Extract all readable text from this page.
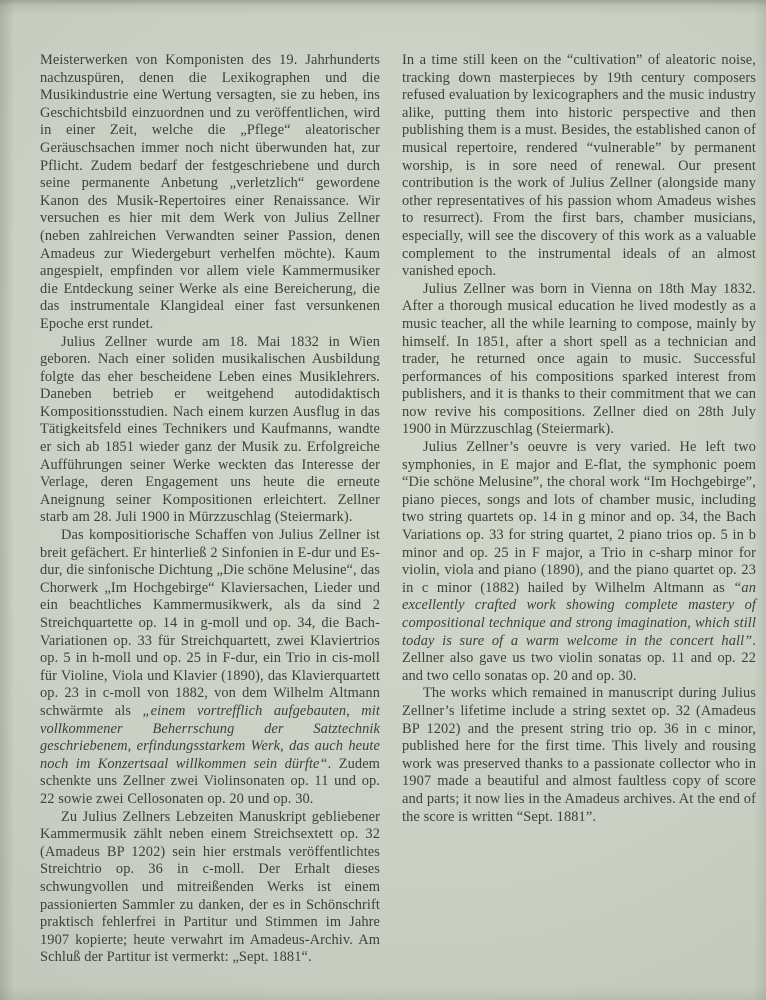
Meisterwerken von Komponisten des 19. Jahrhunderts nachzuspüren, denen die Lexikographen und die Musikindustrie eine Wertung versagten, sie zu heben, ins Geschichtsbild einzuordnen und zu veröffentlichen, wird in einer Zeit, welche die „Pflege“ aleatorischer Geräuschsachen immer noch nicht überwunden hat, zur Pflicht. Zudem bedarf der festgeschriebene und durch seine permanente Anbetung „verletzlich“ gewordene Kanon des Musik-Repertoires einer Renaissance. Wir versuchen es hier mit dem Werk von Julius Zellner (neben zahlreichen Verwandten seiner Passion, denen Amadeus zur Wiedergeburt verhelfen möchte). Kaum angespielt, empfinden vor allem viele Kammermusiker die Entdeckung seiner Werke als eine Bereicherung, die das instrumentale Klangideal einer fast versunkenen Epoche erst rundet.

Julius Zellner wurde am 18. Mai 1832 in Wien geboren. Nach einer soliden musikalischen Ausbildung folgte das eher bescheidene Leben eines Musiklehrers. Daneben betrieb er weitgehend autodidaktisch Kompositionsstudien. Nach einem kurzen Ausflug in das Tätigkeitsfeld eines Technikers und Kaufmanns, wandte er sich ab 1851 wieder ganz der Musik zu. Erfolgreiche Aufführungen seiner Werke weckten das Interesse der Verlage, deren Engagement uns heute die erneute Aneignung seiner Kompositionen erleichtert. Zellner starb am 28. Juli 1900 in Mürzzuschlag (Steiermark).

Das kompositiorische Schaffen von Julius Zellner ist breit gefächert. Er hinterließ 2 Sinfonien in E-dur und Es-dur, die sinfonische Dichtung „Die schöne Melusine“, das Chorwerk „Im Hochgebirge“ Klaviersachen, Lieder und ein beachtliches Kammermusikwerk, als da sind 2 Streichquartette op. 14 in g-moll und op. 34, die Bach-Variationen op. 33 für Streichquartett, zwei Klaviertrios op. 5 in h-moll und op. 25 in F-dur, ein Trio in cis-moll für Violine, Viola und Klavier (1890), das Klavierquartett op. 23 in c-moll von 1882, von dem Wilhelm Altmann schwärmte als „einem vortrefflich aufgebauten, mit vollkommener Beherrschung der Satztechnik geschriebenem, erfindungsstarkem Werk, das auch heute noch im Konzertsaal willkommen sein dürfte“. Zudem schenkte uns Zellner zwei Violinsonaten op. 11 und op. 22 sowie zwei Cellosonaten op. 20 und op. 30.

Zu Julius Zellners Lebzeiten Manuskript gebliebener Kammermusik zählt neben einem Streichsextett op. 32 (Amadeus BP 1202) sein hier erstmals veröffentlichtes Streichtrio op. 36 in c-moll. Der Erhalt dieses schwungvollen und mitreißenden Werks ist einem passionierten Sammler zu danken, der es in Schönschrift praktisch fehlerfrei in Partitur und Stimmen im Jahre 1907 kopierte; heute verwahrt im Amadeus-Archiv. Am Schluß der Partitur ist vermerkt: „Sept. 1881“.

In a time still keen on the “cultivation” of aleatoric noise, tracking down masterpieces by 19th century composers refused evaluation by lexicographers and the music industry alike, putting them into historic perspective and then publishing them is a must. Besides, the established canon of musical repertoire, rendered “vulnerable” by permanent worship, is in sore need of renewal. Our present contribution is the work of Julius Zellner (alongside many other representatives of his passion whom Amadeus wishes to resurrect). From the first bars, chamber musicians, especially, will see the discovery of this work as a valuable complement to the instrumental ideals of an almost vanished epoch.

Julius Zellner was born in Vienna on 18th May 1832. After a thorough musical education he lived modestly as a music teacher, all the while learning to compose, mainly by himself. In 1851, after a short spell as a technician and trader, he returned once again to music. Successful performances of his compositions sparked interest from publishers, and it is thanks to their commitment that we can now revive his compositions. Zellner died on 28th July 1900 in Mürzzuschlag (Steiermark).

Julius Zellner’s oeuvre is very varied. He left two symphonies, in E major and E-flat, the symphonic poem “Die schöne Melusine”, the choral work “Im Hochgebirge”, piano pieces, songs and lots of chamber music, including two string quartets op. 14 in g minor and op. 34, the Bach Variations op. 33 for string quartet, 2 piano trios op. 5 in b minor and op. 25 in F major, a Trio in c-sharp minor for violin, viola and piano (1890), and the piano quartet op. 23 in c minor (1882) hailed by Wilhelm Altmann as “an excellently crafted work showing complete mastery of compositional technique and strong imagination, which still today is sure of a warm welcome in the concert hall”. Zellner also gave us two violin sonatas op. 11 and op. 22 and two cello sonatas op. 20 and op. 30.

The works which remained in manuscript during Julius Zellner’s lifetime include a string sextet op. 32 (Amadeus BP 1202) and the present string trio op. 36 in c minor, published here for the first time. This lively and rousing work was preserved thanks to a passionate collector who in 1907 made a beautiful and almost faultless copy of score and parts; it now lies in the Amadeus archives. At the end of the score is written “Sept. 1881”.
